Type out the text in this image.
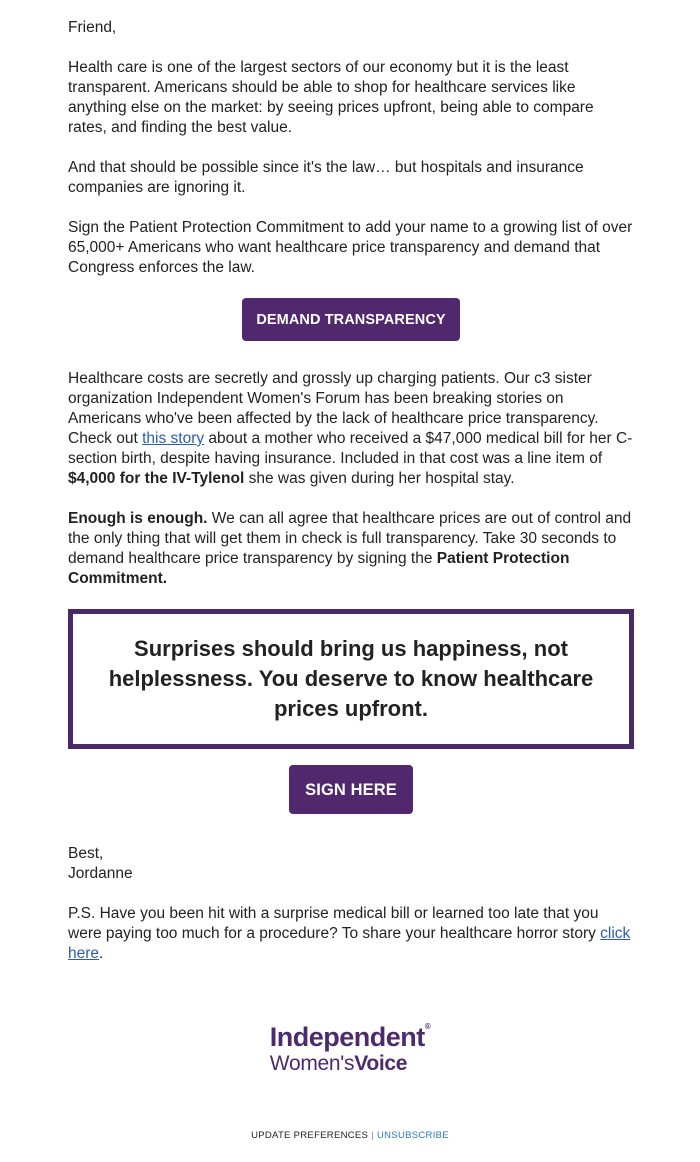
Friend,

Health care is one of the largest sectors of our economy but it is the least transparent. Americans should be able to shop for healthcare services like anything else on the market: by seeing prices upfront, being able to compare rates, and finding the best value.

And that should be possible since it's the law… but hospitals and insurance companies are ignoring it.

Sign the Patient Protection Commitment to add your name to a growing list of over 65,000+ Americans who want healthcare price transparency and demand that Congress enforces the law.

DEMAND TRANSPARENCY

Healthcare costs are secretly and grossly up charging patients. Our c3 sister organization Independent Women's Forum has been breaking stories on Americans who've been affected by the lack of healthcare price transparency. Check out this story about a mother who received a $47,000 medical bill for her C-section birth, despite having insurance. Included in that cost was a line item of $4,000 for the IV-Tylenol she was given during her hospital stay.

Enough is enough. We can all agree that healthcare prices are out of control and the only thing that will get them in check is full transparency. Take 30 seconds to demand healthcare price transparency by signing the Patient Protection Commitment.

Surprises should bring us happiness, not helplessness. You deserve to know healthcare prices upfront.
SIGN HERE

Best,
Jordanne

P.S. Have you been hit with a surprise medical bill or learned too late that you were paying too much for a procedure? To share your healthcare horror story click here.

Independent®
Women'sVoice
UPDATE PREFERENCES | UNSUBSCRIBE
